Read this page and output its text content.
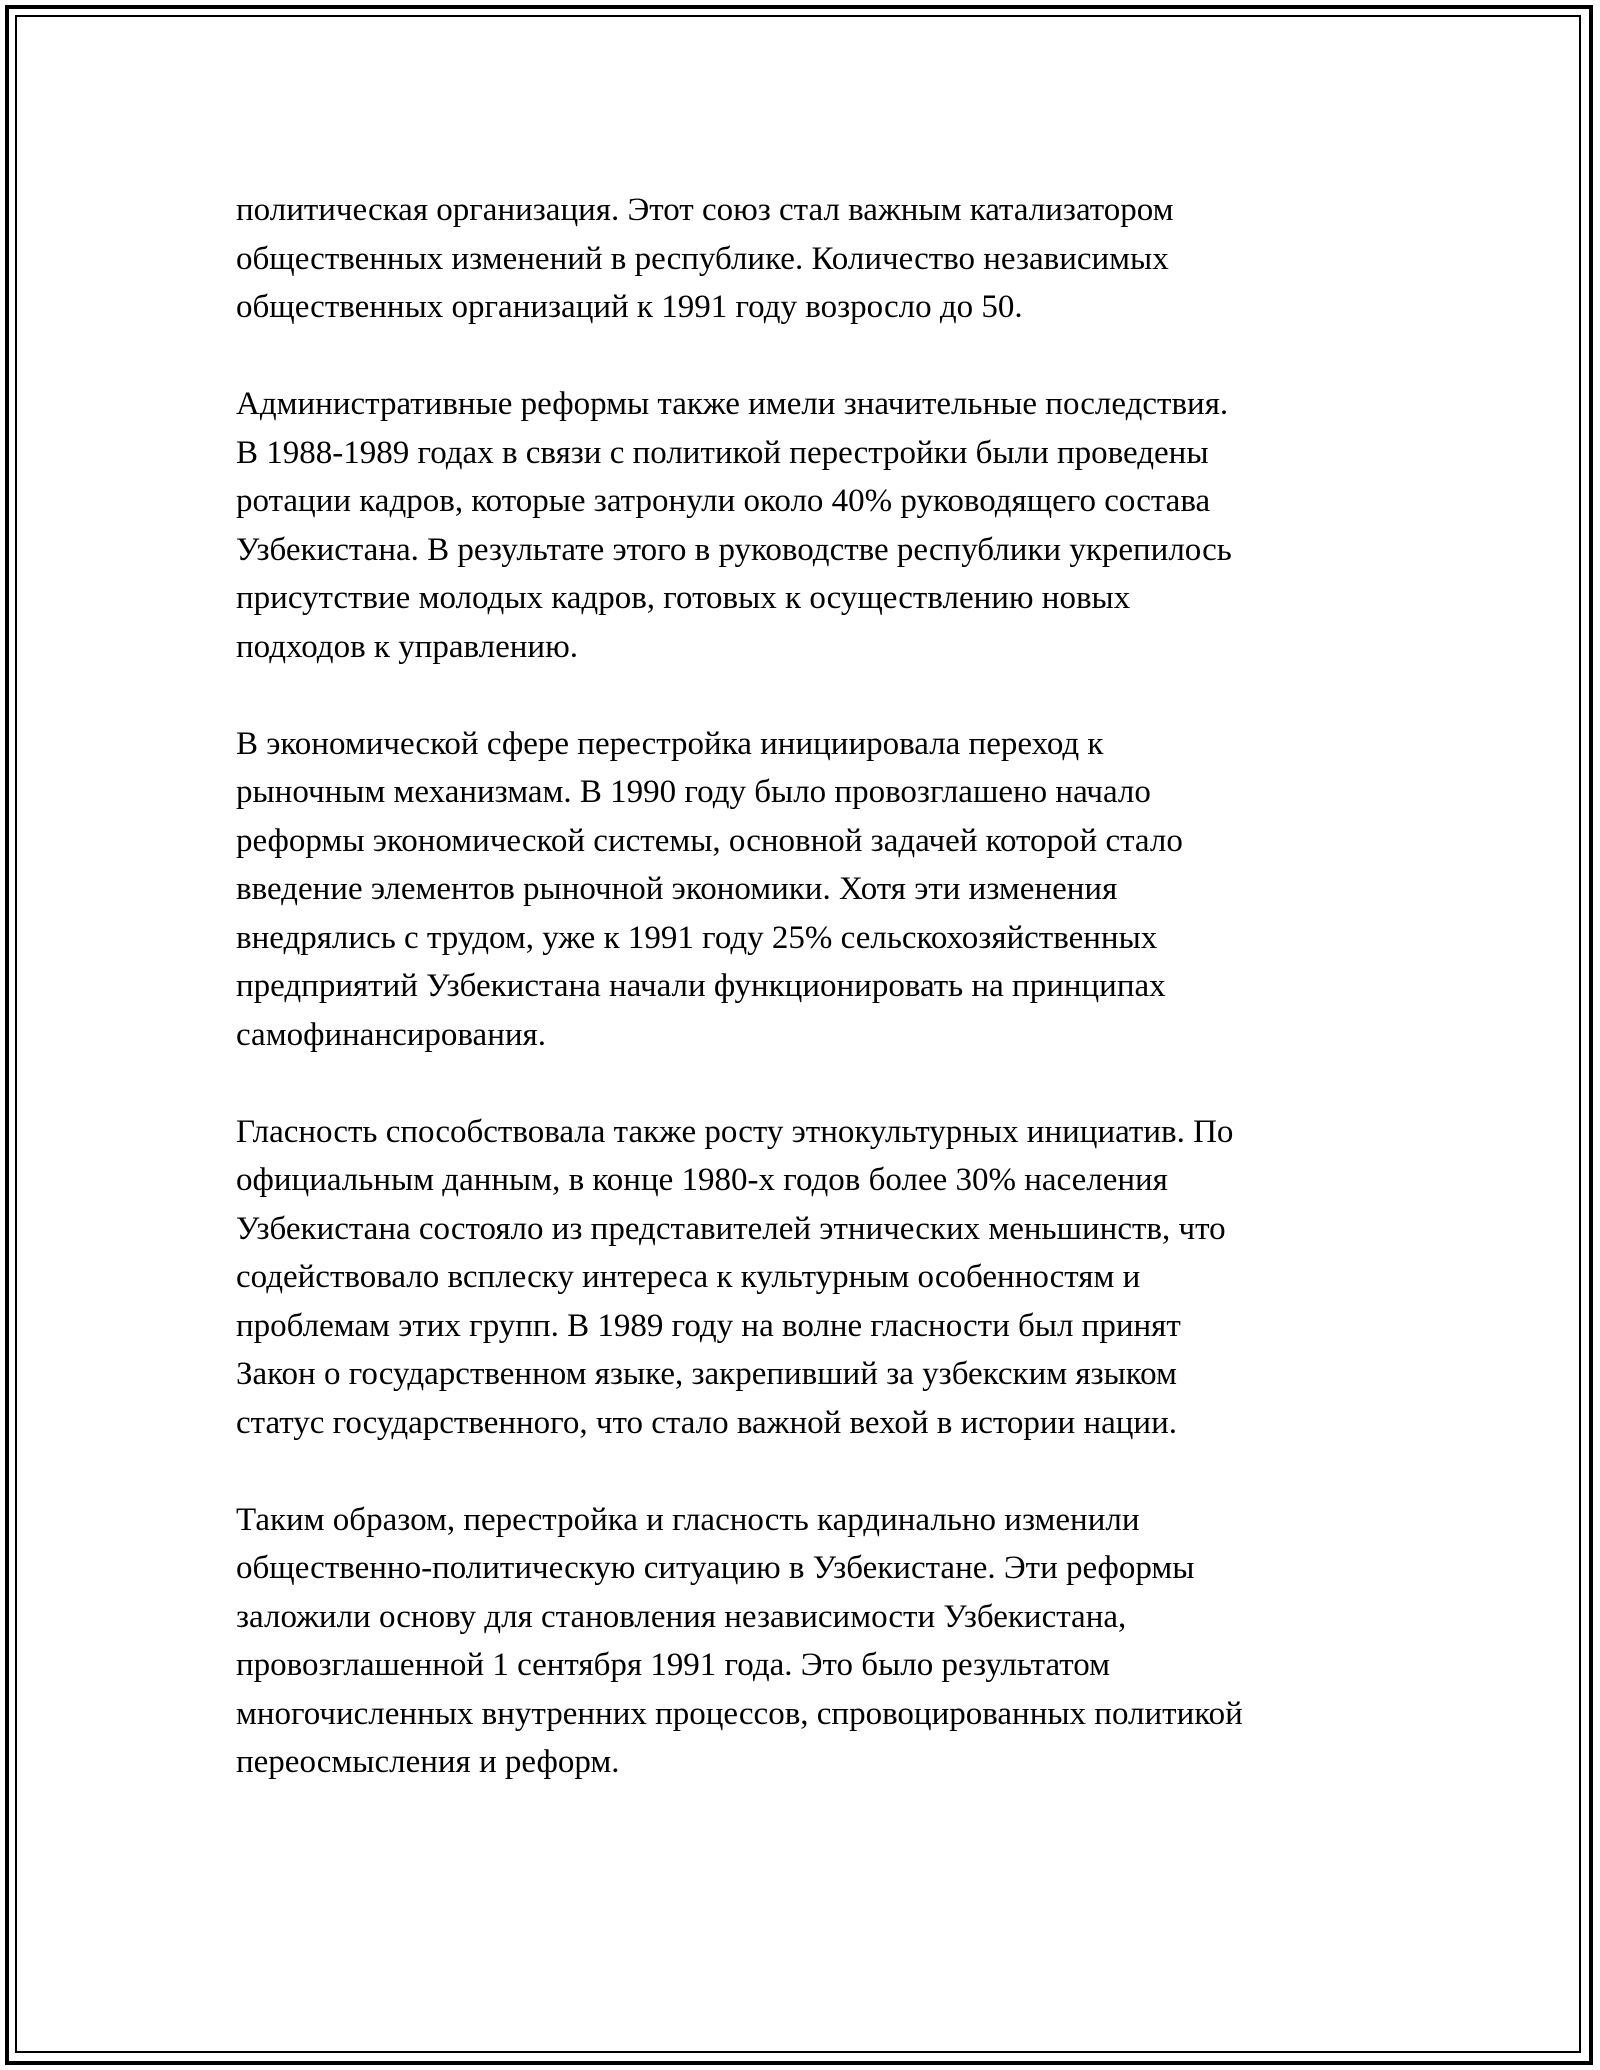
политическая организация. Этот союз стал важным катализатором
общественных изменений в республике. Количество независимых
общественных организаций к 1991 году возросло до 50.

Административные реформы также имели значительные последствия.
В 1988-1989 годах в связи с политикой перестройки были проведены
ротации кадров, которые затронули около 40% руководящего состава
Узбекистана. В результате этого в руководстве республики укрепилось
присутствие молодых кадров, готовых к осуществлению новых
подходов к управлению.

В экономической сфере перестройка инициировала переход к
рыночным механизмам. В 1990 году было провозглашено начало
реформы экономической системы, основной задачей которой стало
введение элементов рыночной экономики. Хотя эти изменения
внедрялись с трудом, уже к 1991 году 25% сельскохозяйственных
предприятий Узбекистана начали функционировать на принципах
самофинансирования.

Гласность способствовала также росту этнокультурных инициатив. По
официальным данным, в конце 1980-х годов более 30% населения
Узбекистана состояло из представителей этнических меньшинств, что
содействовало всплеску интереса к культурным особенностям и
проблемам этих групп. В 1989 году на волне гласности был принят
Закон о государственном языке, закрепивший за узбекским языком
статус государственного, что стало важной вехой в истории нации.

Таким образом, перестройка и гласность кардинально изменили
общественно-политическую ситуацию в Узбекистане. Эти реформы
заложили основу для становления независимости Узбекистана,
провозглашенной 1 сентября 1991 года. Это было результатом
многочисленных внутренних процессов, спровоцированных политикой
переосмысления и реформ.
